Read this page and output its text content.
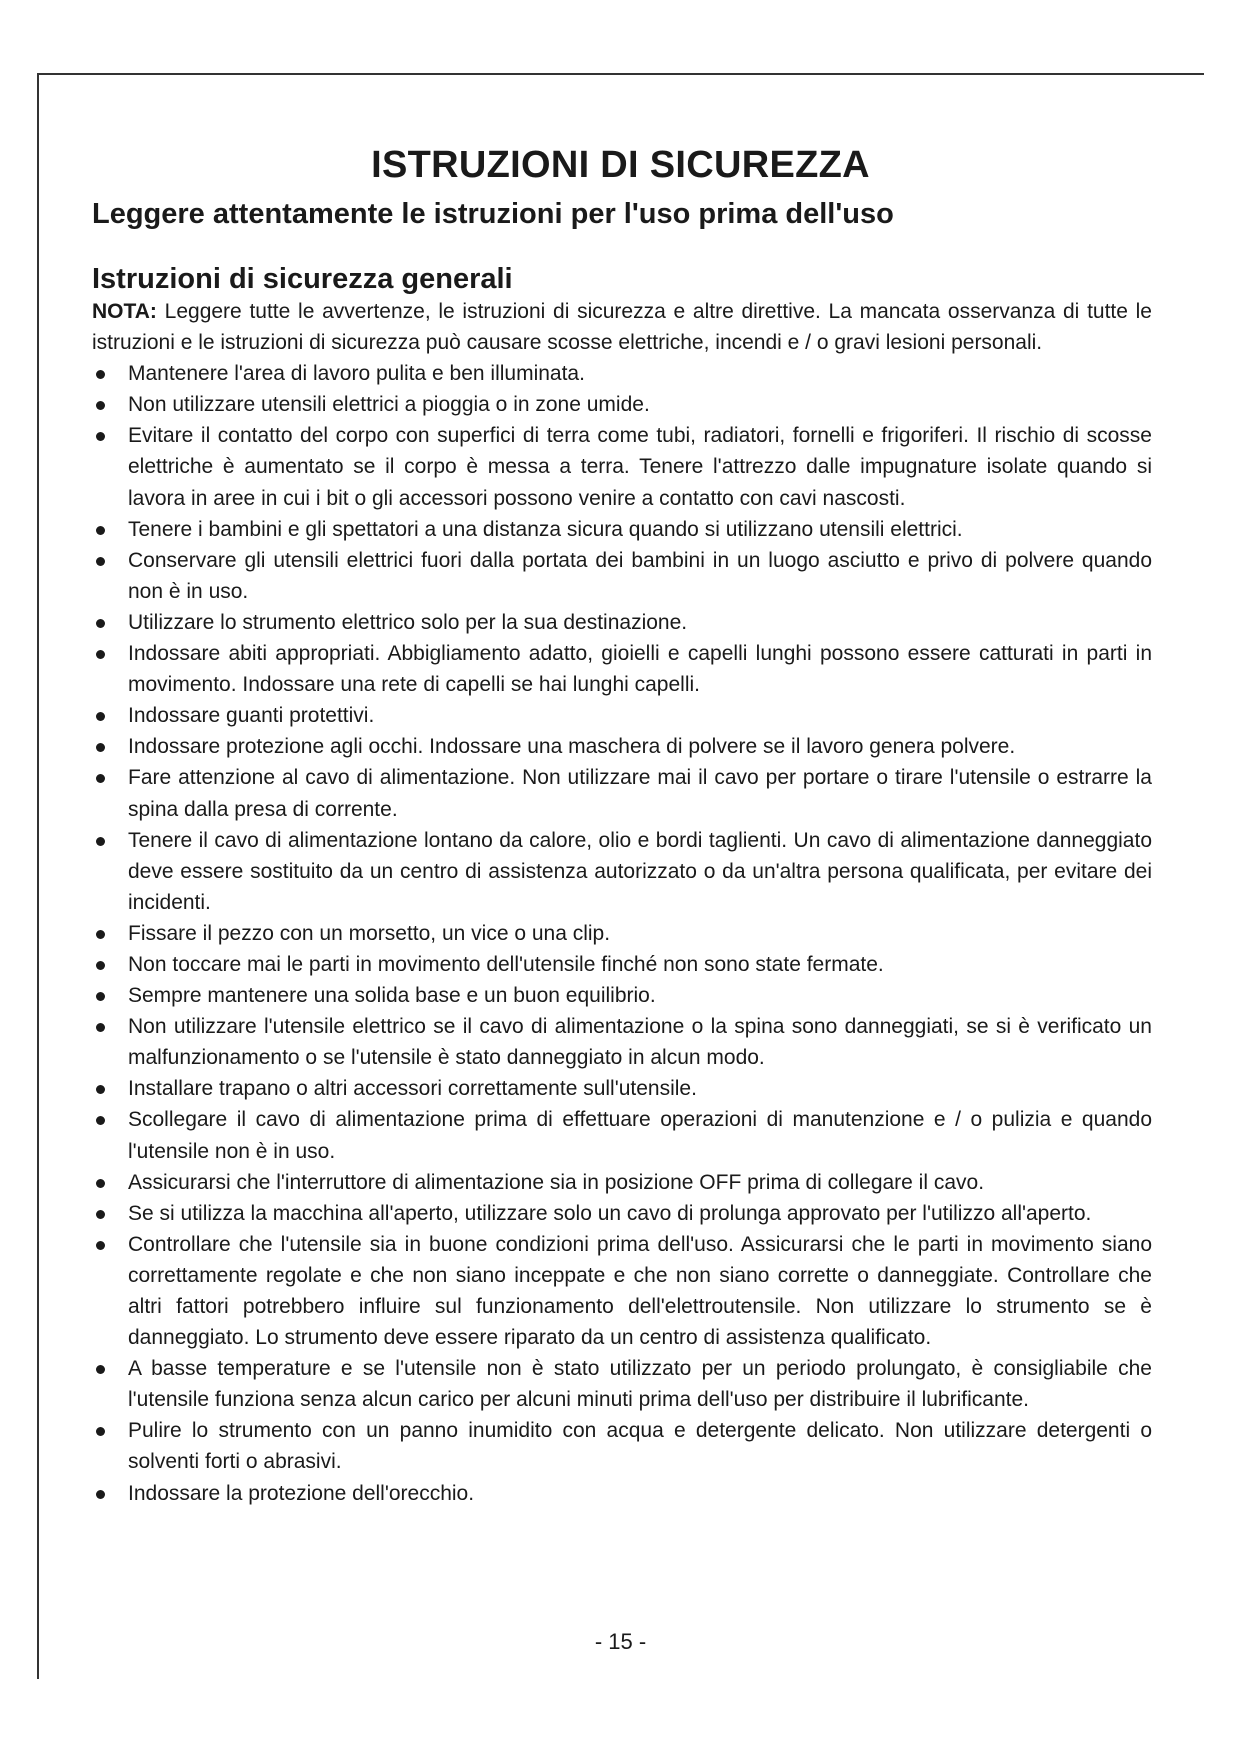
ISTRUZIONI DI SICUREZZA
Leggere attentamente le istruzioni per l'uso prima dell'uso
Istruzioni di sicurezza generali

NOTA: Leggere tutte le avvertenze, le istruzioni di sicurezza e altre direttive. La mancata osservanza di tutte le istruzioni e le istruzioni di sicurezza può causare scosse elettriche, incendi e / o gravi lesioni personali.

Mantenere l'area di lavoro pulita e ben illuminata.
Non utilizzare utensili elettrici a pioggia o in zone umide.
Evitare il contatto del corpo con superfici di terra come tubi, radiatori, fornelli e frigoriferi. Il rischio di scosse elettriche è aumentato se il corpo è messa a terra. Tenere l'attrezzo dalle impugnature isolate quando si lavora in aree in cui i bit o gli accessori possono venire a contatto con cavi nascosti.
Tenere i bambini e gli spettatori a una distanza sicura quando si utilizzano utensili elettrici.
Conservare gli utensili elettrici fuori dalla portata dei bambini in un luogo asciutto e privo di polvere quando non è in uso.
Utilizzare lo strumento elettrico solo per la sua destinazione.
Indossare abiti appropriati. Abbigliamento adatto, gioielli e capelli lunghi possono essere catturati in parti in movimento. Indossare una rete di capelli se hai lunghi capelli.
Indossare guanti protettivi.
Indossare protezione agli occhi. Indossare una maschera di polvere se il lavoro genera polvere.
Fare attenzione al cavo di alimentazione. Non utilizzare mai il cavo per portare o tirare l'utensile o estrarre la spina dalla presa di corrente.
Tenere il cavo di alimentazione lontano da calore, olio e bordi taglienti. Un cavo di alimentazione danneggiato deve essere sostituito da un centro di assistenza autorizzato o da un'altra persona qualificata, per evitare dei incidenti.
Fissare il pezzo con un morsetto, un vice o una clip.
Non toccare mai le parti in movimento dell'utensile finché non sono state fermate.
Sempre mantenere una solida base e un buon equilibrio.
Non utilizzare l'utensile elettrico se il cavo di alimentazione o la spina sono danneggiati, se si è verificato un malfunzionamento o se l'utensile è stato danneggiato in alcun modo.
Installare trapano o altri accessori correttamente sull'utensile.
Scollegare il cavo di alimentazione prima di effettuare operazioni di manutenzione e / o pulizia e quando l'utensile non è in uso.
Assicurarsi che l'interruttore di alimentazione sia in posizione OFF prima di collegare il cavo.
Se si utilizza la macchina all'aperto, utilizzare solo un cavo di prolunga approvato per l'utilizzo all'aperto.
Controllare che l'utensile sia in buone condizioni prima dell'uso. Assicurarsi che le parti in movimento siano correttamente regolate e che non siano inceppate e che non siano corrette o danneggiate. Controllare che altri fattori potrebbero influire sul funzionamento dell'elettroutensile. Non utilizzare lo strumento se è danneggiato. Lo strumento deve essere riparato da un centro di assistenza qualificato.
A basse temperature e se l'utensile non è stato utilizzato per un periodo prolungato, è consigliabile che l'utensile funziona senza alcun carico per alcuni minuti prima dell'uso per distribuire il lubrificante.
Pulire lo strumento con un panno inumidito con acqua e detergente delicato. Non utilizzare detergenti o solventi forti o abrasivi.
Indossare la protezione dell'orecchio.
- 15 -
